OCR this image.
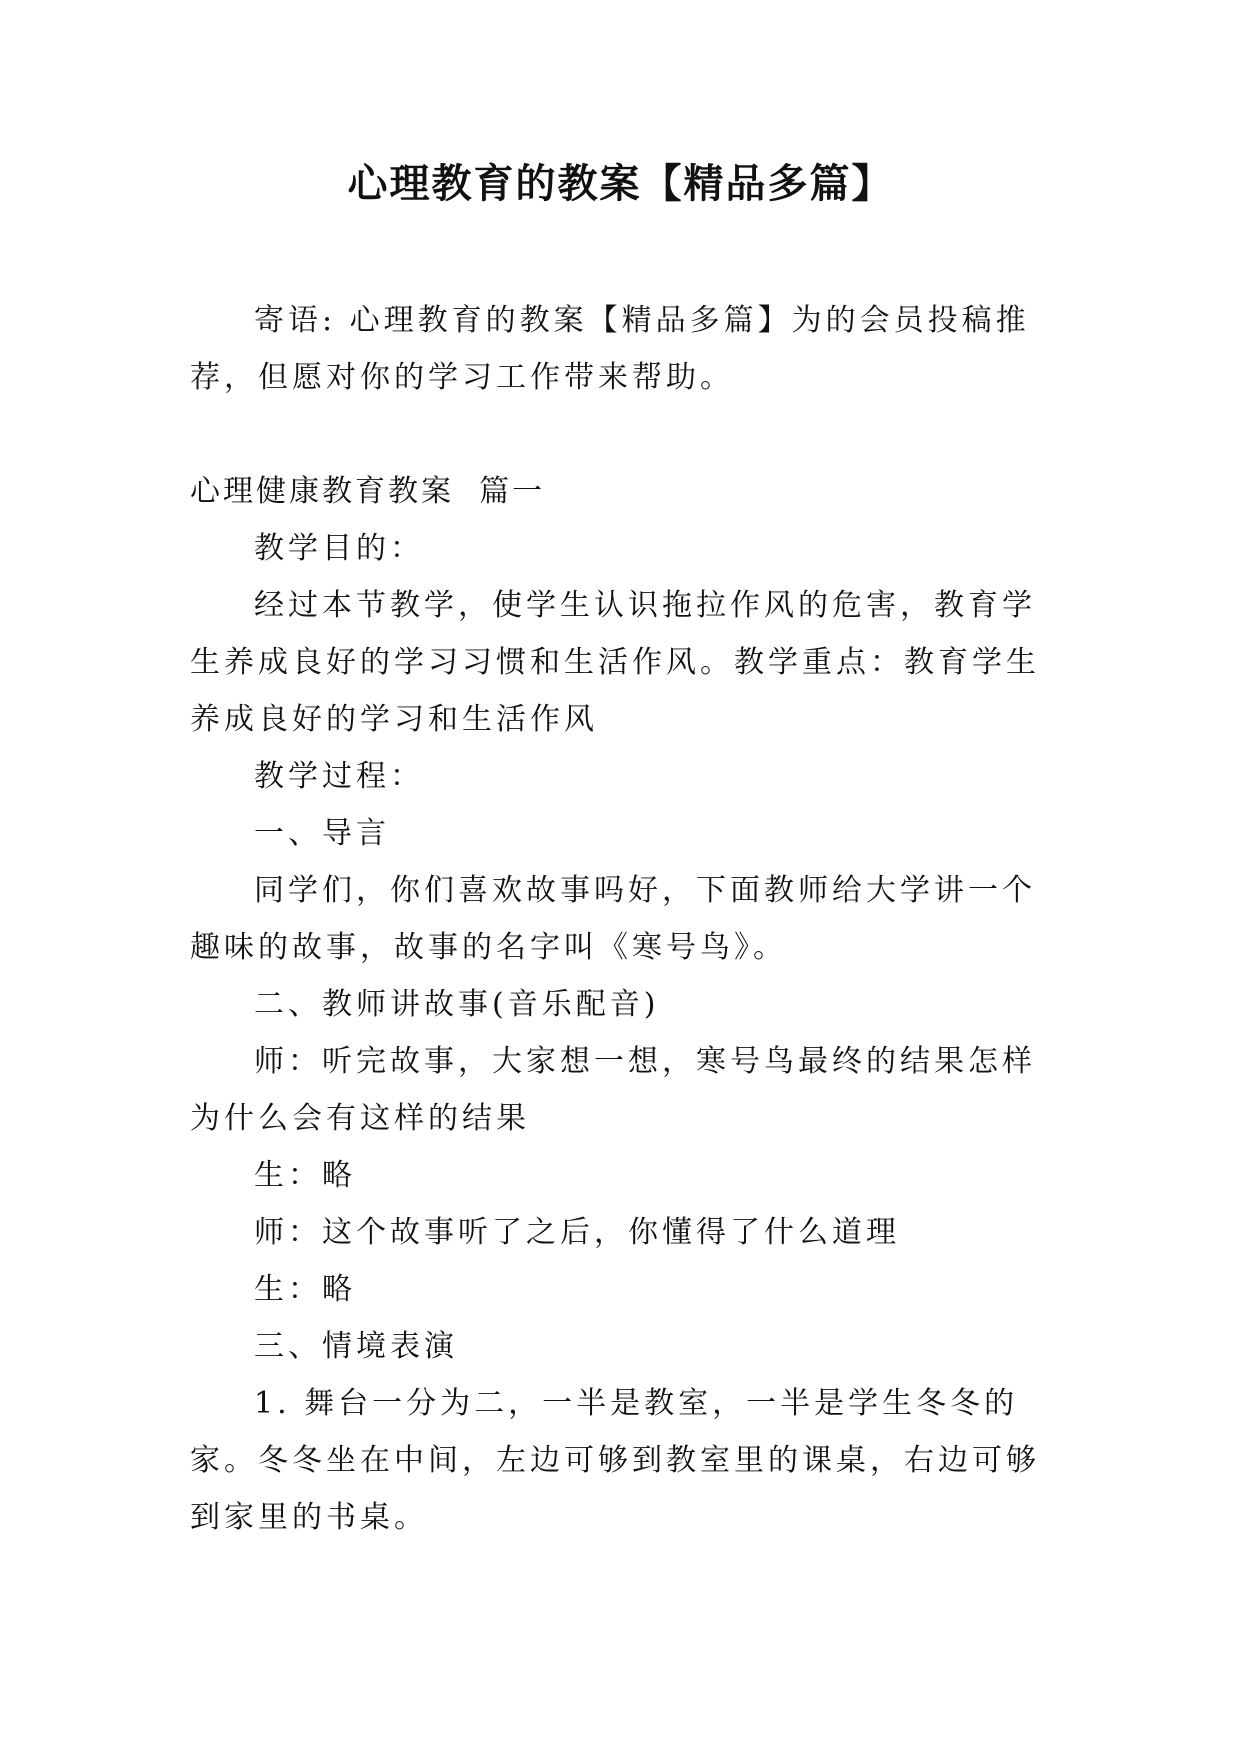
心理教育的教案【精品多篇】

寄语: 心理教育的教案【精品多篇】为的会员投稿推荐，但愿对你的学习工作带来帮助。

心理健康教育教案  篇一

教学目的：

经过本节教学，使学生认识拖拉作风的危害，教育学生养成良好的学习习惯和生活作风。教学重点：教育学生养成良好的学习和生活作风

教学过程：

一、导言

同学们，你们喜欢故事吗好，下面教师给大学讲一个趣味的故事，故事的名字叫《寒号鸟》。

二、教师讲故事(音乐配音)

师：听完故事，大家想一想，寒号鸟最终的结果怎样为什么会有这样的结果

生：略

师：这个故事听了之后，你懂得了什么道理

生：略

三、情境表演

1. 舞台一分为二，一半是教室，一半是学生冬冬的家。冬冬坐在中间，左边可够到教室里的课桌，右边可够到家里的书桌。
